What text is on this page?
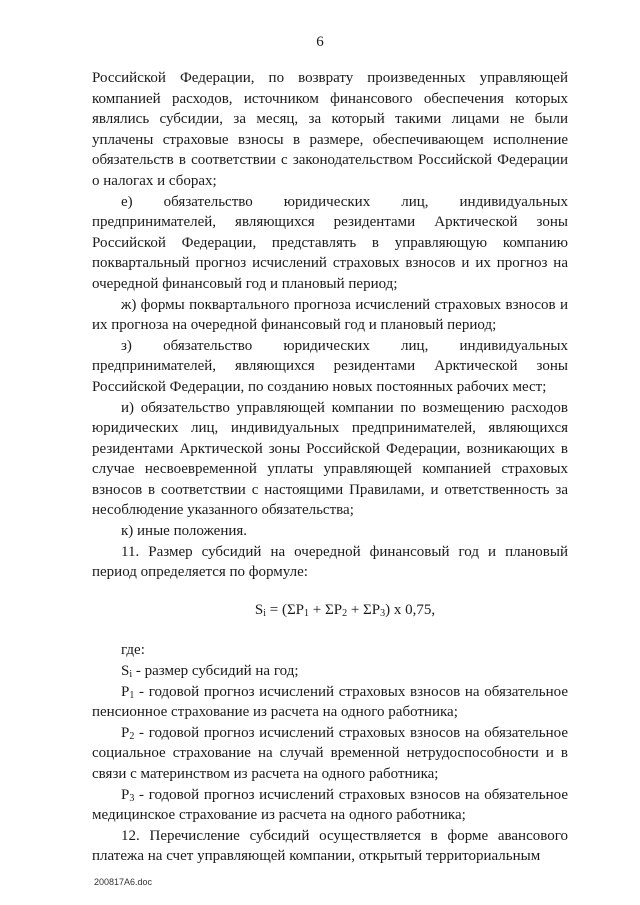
6

Российской Федерации, по возврату произведенных управляющей компанией расходов, источником финансового обеспечения которых являлись субсидии, за месяц, за который такими лицами не были уплачены страховые взносы в размере, обеспечивающем исполнение обязательств в соответствии с законодательством Российской Федерации о налогах и сборах;

е) обязательство юридических лиц, индивидуальных предпринимателей, являющихся резидентами Арктической зоны Российской Федерации, представлять в управляющую компанию поквартальный прогноз исчислений страховых взносов и их прогноз на очередной финансовый год и плановый период;

ж) формы поквартального прогноза исчислений страховых взносов и их прогноза на очередной финансовый год и плановый период;

з) обязательство юридических лиц, индивидуальных предпринимателей, являющихся резидентами Арктической зоны Российской Федерации, по созданию новых постоянных рабочих мест;

и) обязательство управляющей компании по возмещению расходов юридических лиц, индивидуальных предпринимателей, являющихся резидентами Арктической зоны Российской Федерации, возникающих в случае несвоевременной уплаты управляющей компанией страховых взносов в соответствии с настоящими Правилами, и ответственность за несоблюдение указанного обязательства;

к) иные положения.

11. Размер субсидий на очередной финансовый год и плановый период определяется по формуле:

$S_i = (\Sigma P_1 + \Sigma P_2 + \Sigma P_3)$ x 0,75,

где:

$S_i$ - размер субсидий на год;

$P_1$ - годовой прогноз исчислений страховых взносов на обязательное пенсионное страхование из расчета на одного работника;

$P_2$ - годовой прогноз исчислений страховых взносов на обязательное социальное страхование на случай временной нетрудоспособности и в связи с материнством из расчета на одного работника;

$P_3$ - годовой прогноз исчислений страховых взносов на обязательное медицинское страхование из расчета на одного работника;

12. Перечисление субсидий осуществляется в форме авансового платежа на счет управляющей компании, открытый территориальным

200817А6.doc
